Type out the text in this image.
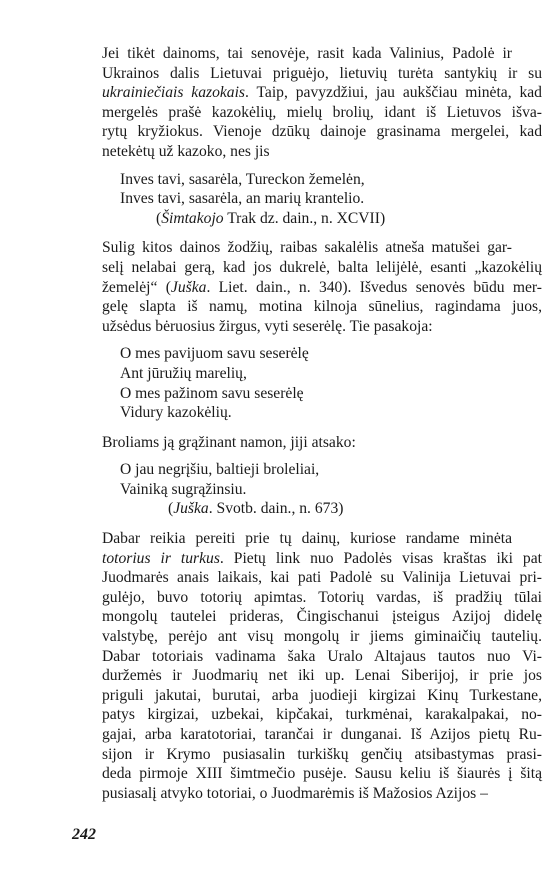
Jei tikėt dainoms, tai senovėje, rasit kada Valinius, Padolė ir
Ukrainos dalis Lietuvai priguėjo, lietuvių turėta santykių ir su
ukrainiečiais kazokais. Taip, pavyzdžiui, jau aukščiau minėta, kad
mergelės prašė kazokėlių, mielų brolių, idant iš Lietuvos išva-
rytų kryžiokus. Vienoje dzūkų dainoje grasinama mergelei, kad
netekėtų už kazoko, nes jis

Inves tavi, sasarėla, Tureckon žemelėn,
Inves tavi, sasarėla, an marių krantelio.
(Šimtakojo Trak dz. dain., n. XCVII)

Sulig kitos dainos žodžių, raibas sakalėlis atneša matušei gar-
selį nelabai gerą, kad jos dukrelė, balta lelijėlė, esanti „kazokėlių
žemelėj“ (Juška. Liet. dain., n. 340). Išvedus senovės būdu mer-
gelę slapta iš namų, motina kilnoja sūnelius, ragindama juos,
užsėdus bėruosius žirgus, vyti seserėlę. Tie pasakoja:

O mes pavijuom savu seserėlę
Ant jūružių marelių,
O mes pažinom savu seserėlę
Vidury kazokėlių.

Broliams ją grąžinant namon, jiji atsako:

O jau negrįšiu, baltieji broleliai,
Vainiką sugrąžinsiu.
(Juška. Svotb. dain., n. 673)

Dabar reikia pereiti prie tų dainų, kuriose randame minėta
totorius ir turkus. Pietų link nuo Padolės visas kraštas iki pat
Juodmarės anais laikais, kai pati Padolė su Valinija Lietuvai pri-
gulėjo, buvo totorių apimtas. Totorių vardas, iš pradžių tūlai
mongolų tautelei prideras, Čingischanui įsteigus Azijoj didelę
valstybę, perėjo ant visų mongolų ir jiems giminaičių tautelių.
Dabar totoriais vadinama šaka Uralo Altajaus tautos nuo Vi-
duržemės ir Juodmarių net iki up. Lenai Siberijoj, ir prie jos
priguli jakutai, burutai, arba juodieji kirgizai Kinų Turkestane,
patys kirgizai, uzbekai, kipčakai, turkmėnai, karakalpakai, no-
gajai, arba karatotoriai, tarančai ir dunganai. Iš Azijos pietų Ru-
sijon ir Krymo pusiasalin turkiškų genčių atsibastymas prasi-
deda pirmoje XIII šimtmečio pusėje. Sausu keliu iš šiaurės į šitą
pusiasalį atvyko totoriai, o Juodmarėmis iš Mažosios Azijos –

242
